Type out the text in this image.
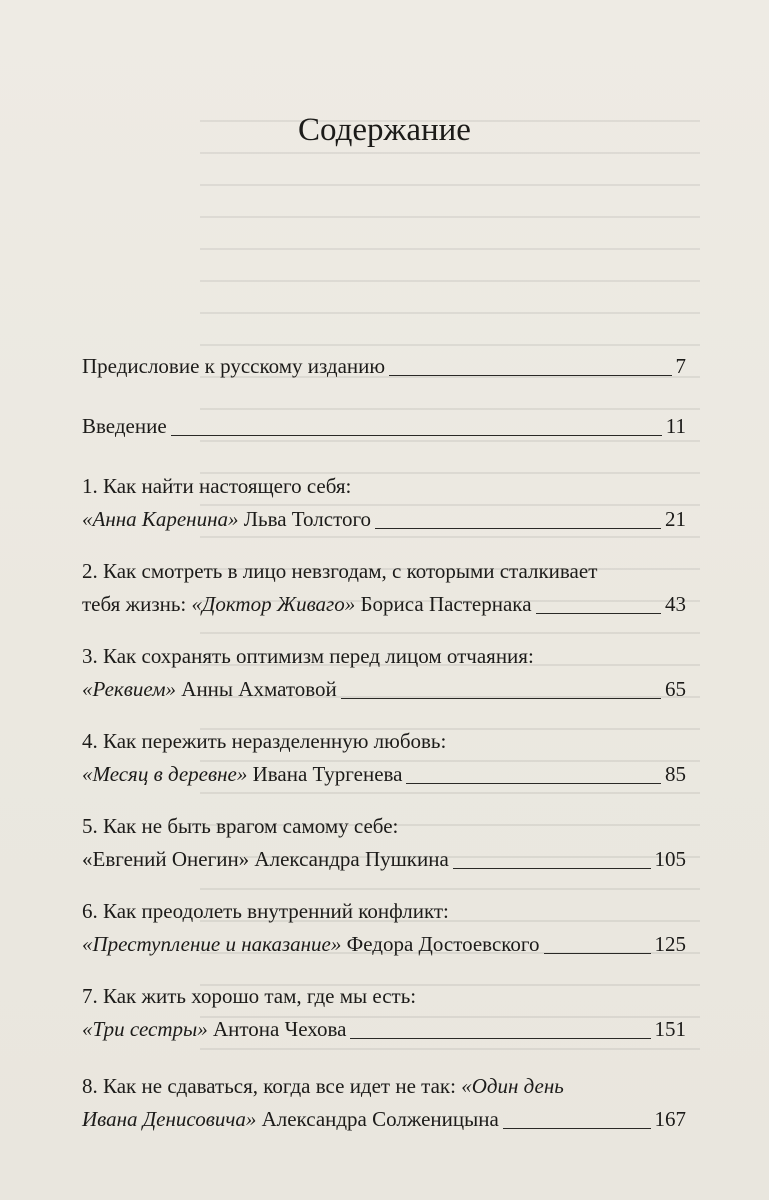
Содержание
Предисловие к русскому изданию	7
Введение	11
1. Как найти настоящего себя:
«Анна Каренина» Льва Толстого	21
2. Как смотреть в лицо невзгодам, с которыми сталкивает
тебя жизнь: «Доктор Живаго» Бориса Пастернака	43
3. Как сохранять оптимизм перед лицом отчаяния:
«Реквием» Анны Ахматовой	65
4. Как пережить неразделенную любовь:
«Месяц в деревне» Ивана Тургенева	85
5. Как не быть врагом самому себе:
«Евгений Онегин» Александра Пушкина	105
6. Как преодолеть внутренний конфликт:
«Преступление и наказание» Федора Достоевского	125
7. Как жить хорошо там, где мы есть:
«Три сестры» Антона Чехова	151
8. Как не сдаваться, когда все идет не так: «Один день
Ивана Денисовича» Александра Солженицына	167
